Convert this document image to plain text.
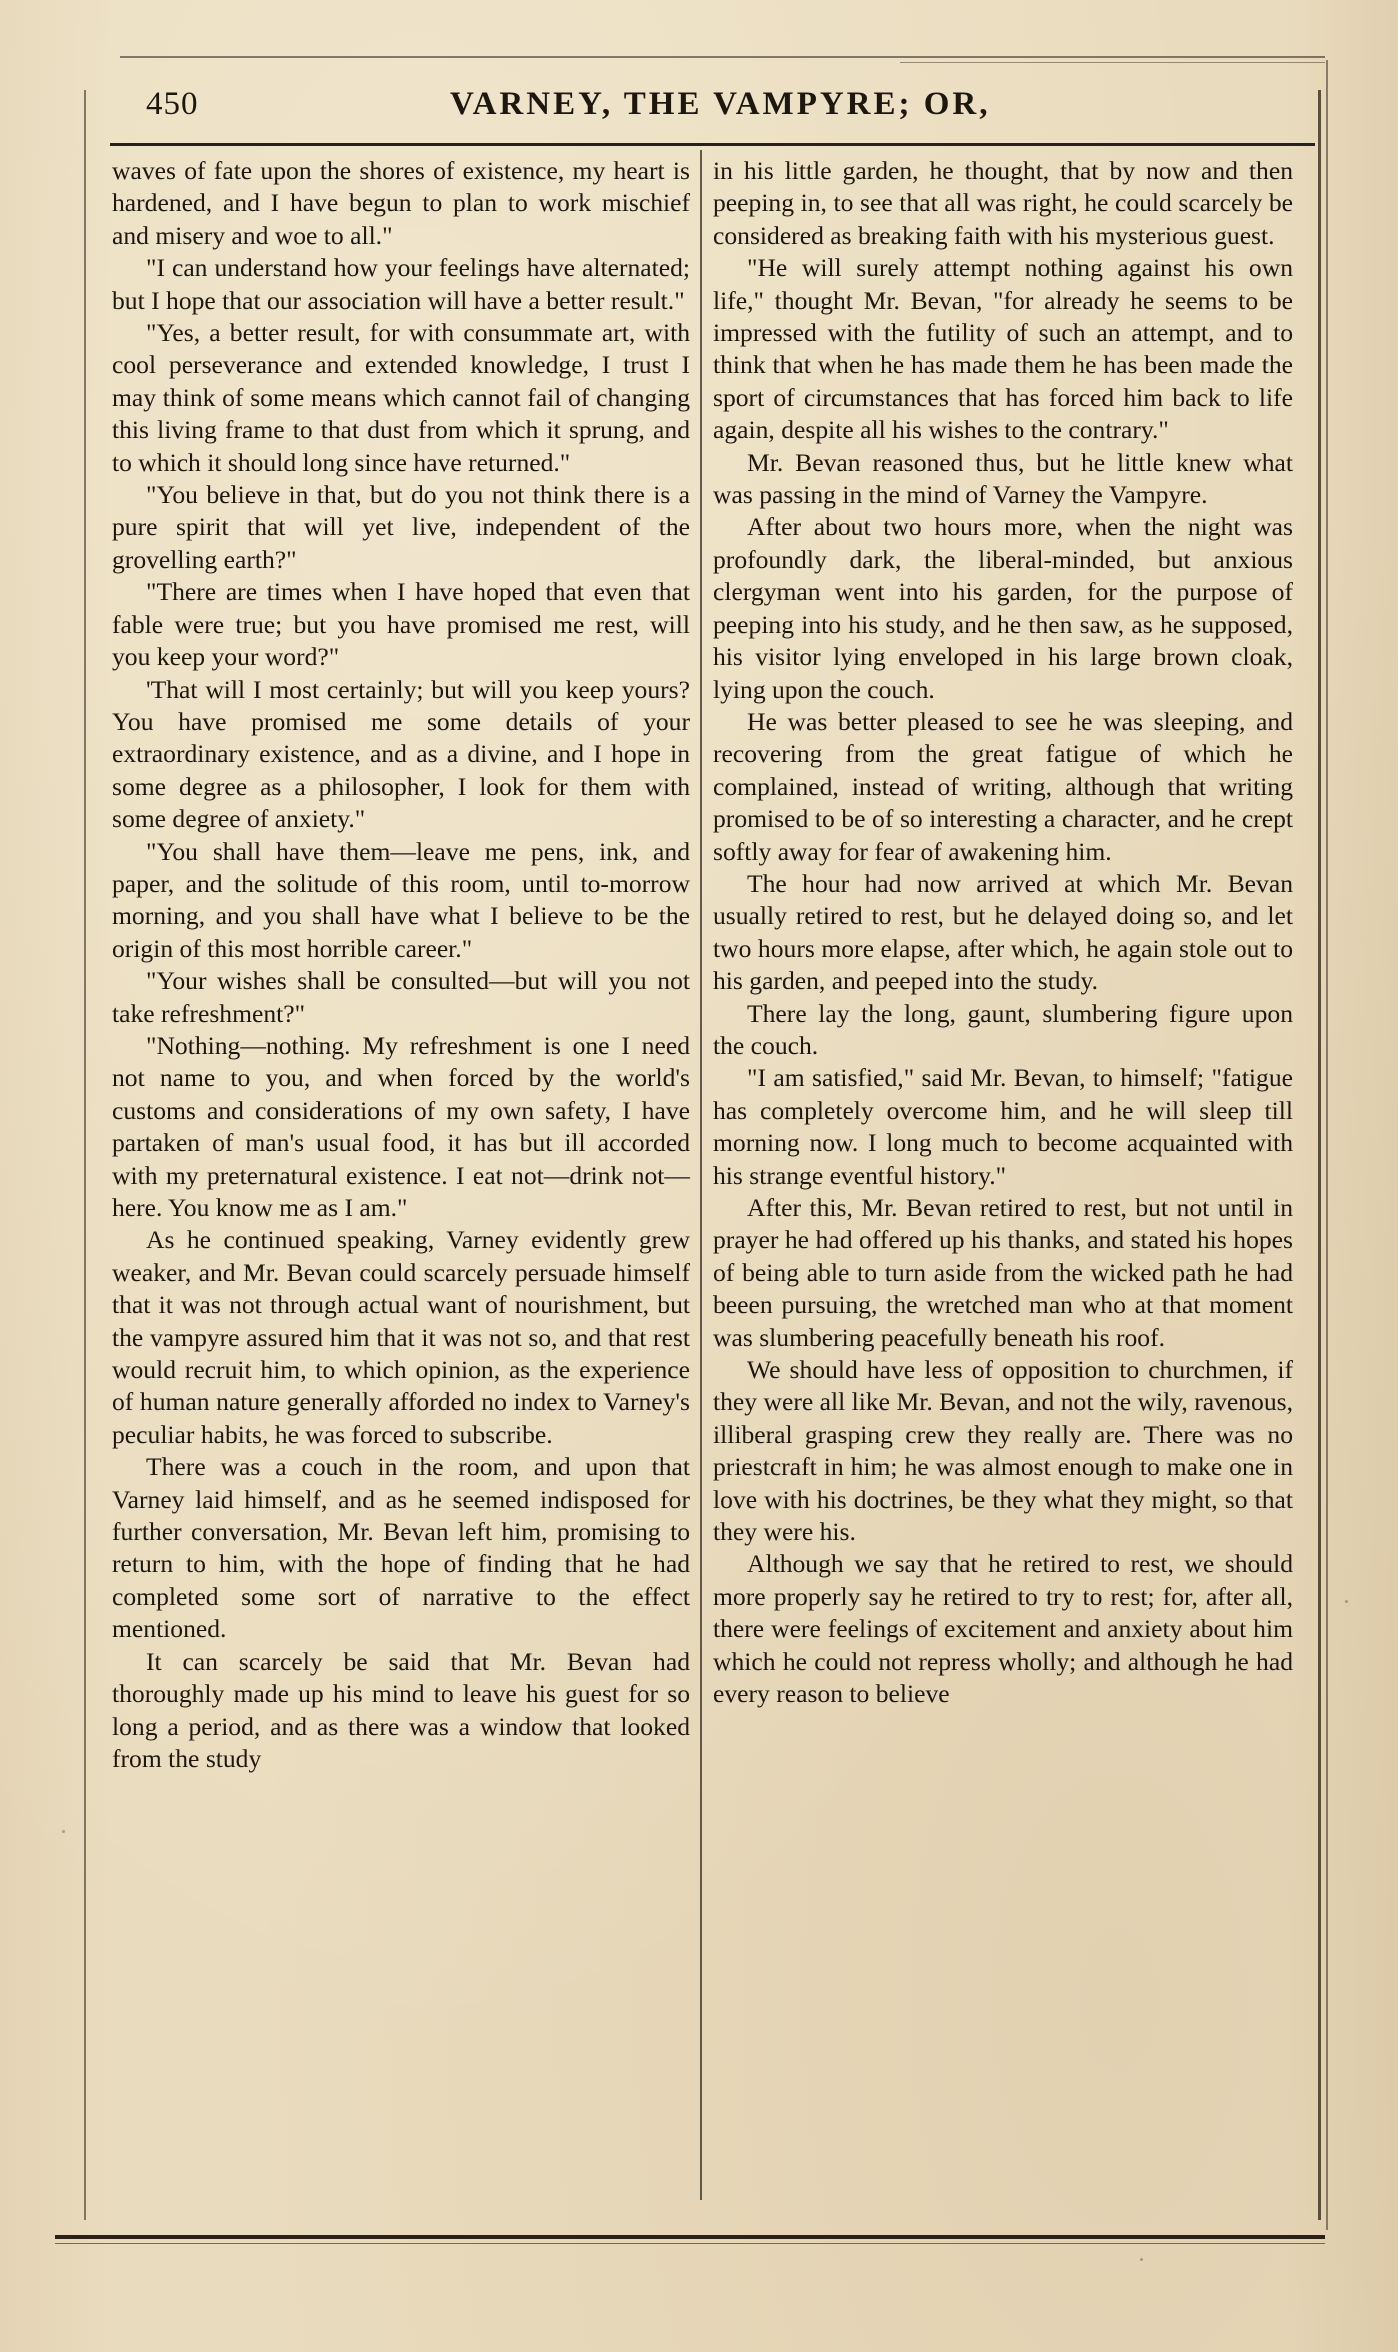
450	VARNEY, THE VAMPYRE; OR,

waves of fate upon the shores of existence, my heart is hardened, and I have begun to plan to work mischief and misery and woe to all."

"I can understand how your feelings have alternated; but I hope that our association will have a better result."

"Yes, a better result, for with consummate art, with cool perseverance and extended knowledge, I trust I may think of some means which cannot fail of changing this living frame to that dust from which it sprung, and to which it should long since have returned."

"You believe in that, but do you not think there is a pure spirit that will yet live, independent of the grovelling earth?"

"There are times when I have hoped that even that fable were true; but you have promised me rest, will you keep your word?"

'That will I most certainly; but will you keep yours? You have promised me some details of your extraordinary existence, and as a divine, and I hope in some degree as a philosopher, I look for them with some degree of anxiety."

"You shall have them—leave me pens, ink, and paper, and the solitude of this room, until to-morrow morning, and you shall have what I believe to be the origin of this most horrible career."

"Your wishes shall be consulted—but will you not take refreshment?"

"Nothing—nothing. My refreshment is one I need not name to you, and when forced by the world's customs and considerations of my own safety, I have partaken of man's usual food, it has but ill accorded with my preternatural existence. I eat not—drink not—here. You know me as I am."

As he continued speaking, Varney evidently grew weaker, and Mr. Bevan could scarcely persuade himself that it was not through actual want of nourishment, but the vampyre assured him that it was not so, and that rest would recruit him, to which opinion, as the experience of human nature generally afforded no index to Varney's peculiar habits, he was forced to subscribe.

There was a couch in the room, and upon that Varney laid himself, and as he seemed indisposed for further conversation, Mr. Bevan left him, promising to return to him, with the hope of finding that he had completed some sort of narrative to the effect mentioned.

It can scarcely be said that Mr. Bevan had thoroughly made up his mind to leave his guest for so long a period, and as there was a window that looked from the study

in his little garden, he thought, that by now and then peeping in, to see that all was right, he could scarcely be considered as breaking faith with his mysterious guest.

"He will surely attempt nothing against his own life," thought Mr. Bevan, "for already he seems to be impressed with the futility of such an attempt, and to think that when he has made them he has been made the sport of circumstances that has forced him back to life again, despite all his wishes to the contrary."

Mr. Bevan reasoned thus, but he little knew what was passing in the mind of Varney the Vampyre.

After about two hours more, when the night was profoundly dark, the liberal-minded, but anxious clergyman went into his garden, for the purpose of peeping into his study, and he then saw, as he supposed, his visitor lying enveloped in his large brown cloak, lying upon the couch.

He was better pleased to see he was sleeping, and recovering from the great fatigue of which he complained, instead of writing, although that writing promised to be of so interesting a character, and he crept softly away for fear of awakening him.

The hour had now arrived at which Mr. Bevan usually retired to rest, but he delayed doing so, and let two hours more elapse, after which, he again stole out to his garden, and peeped into the study.

There lay the long, gaunt, slumbering figure upon the couch.

"I am satisfied," said Mr. Bevan, to himself; "fatigue has completely overcome him, and he will sleep till morning now. I long much to become acquainted with his strange eventful history."

After this, Mr. Bevan retired to rest, but not until in prayer he had offered up his thanks, and stated his hopes of being able to turn aside from the wicked path he had beeen pursuing, the wretched man who at that moment was slumbering peacefully beneath his roof.

We should have less of opposition to churchmen, if they were all like Mr. Bevan, and not the wily, ravenous, illiberal grasping crew they really are. There was no priestcraft in him; he was almost enough to make one in love with his doctrines, be they what they might, so that they were his.

Although we say that he retired to rest, we should more properly say he retired to try to rest; for, after all, there were feelings of excitement and anxiety about him which he could not repress wholly; and although he had every reason to believe
